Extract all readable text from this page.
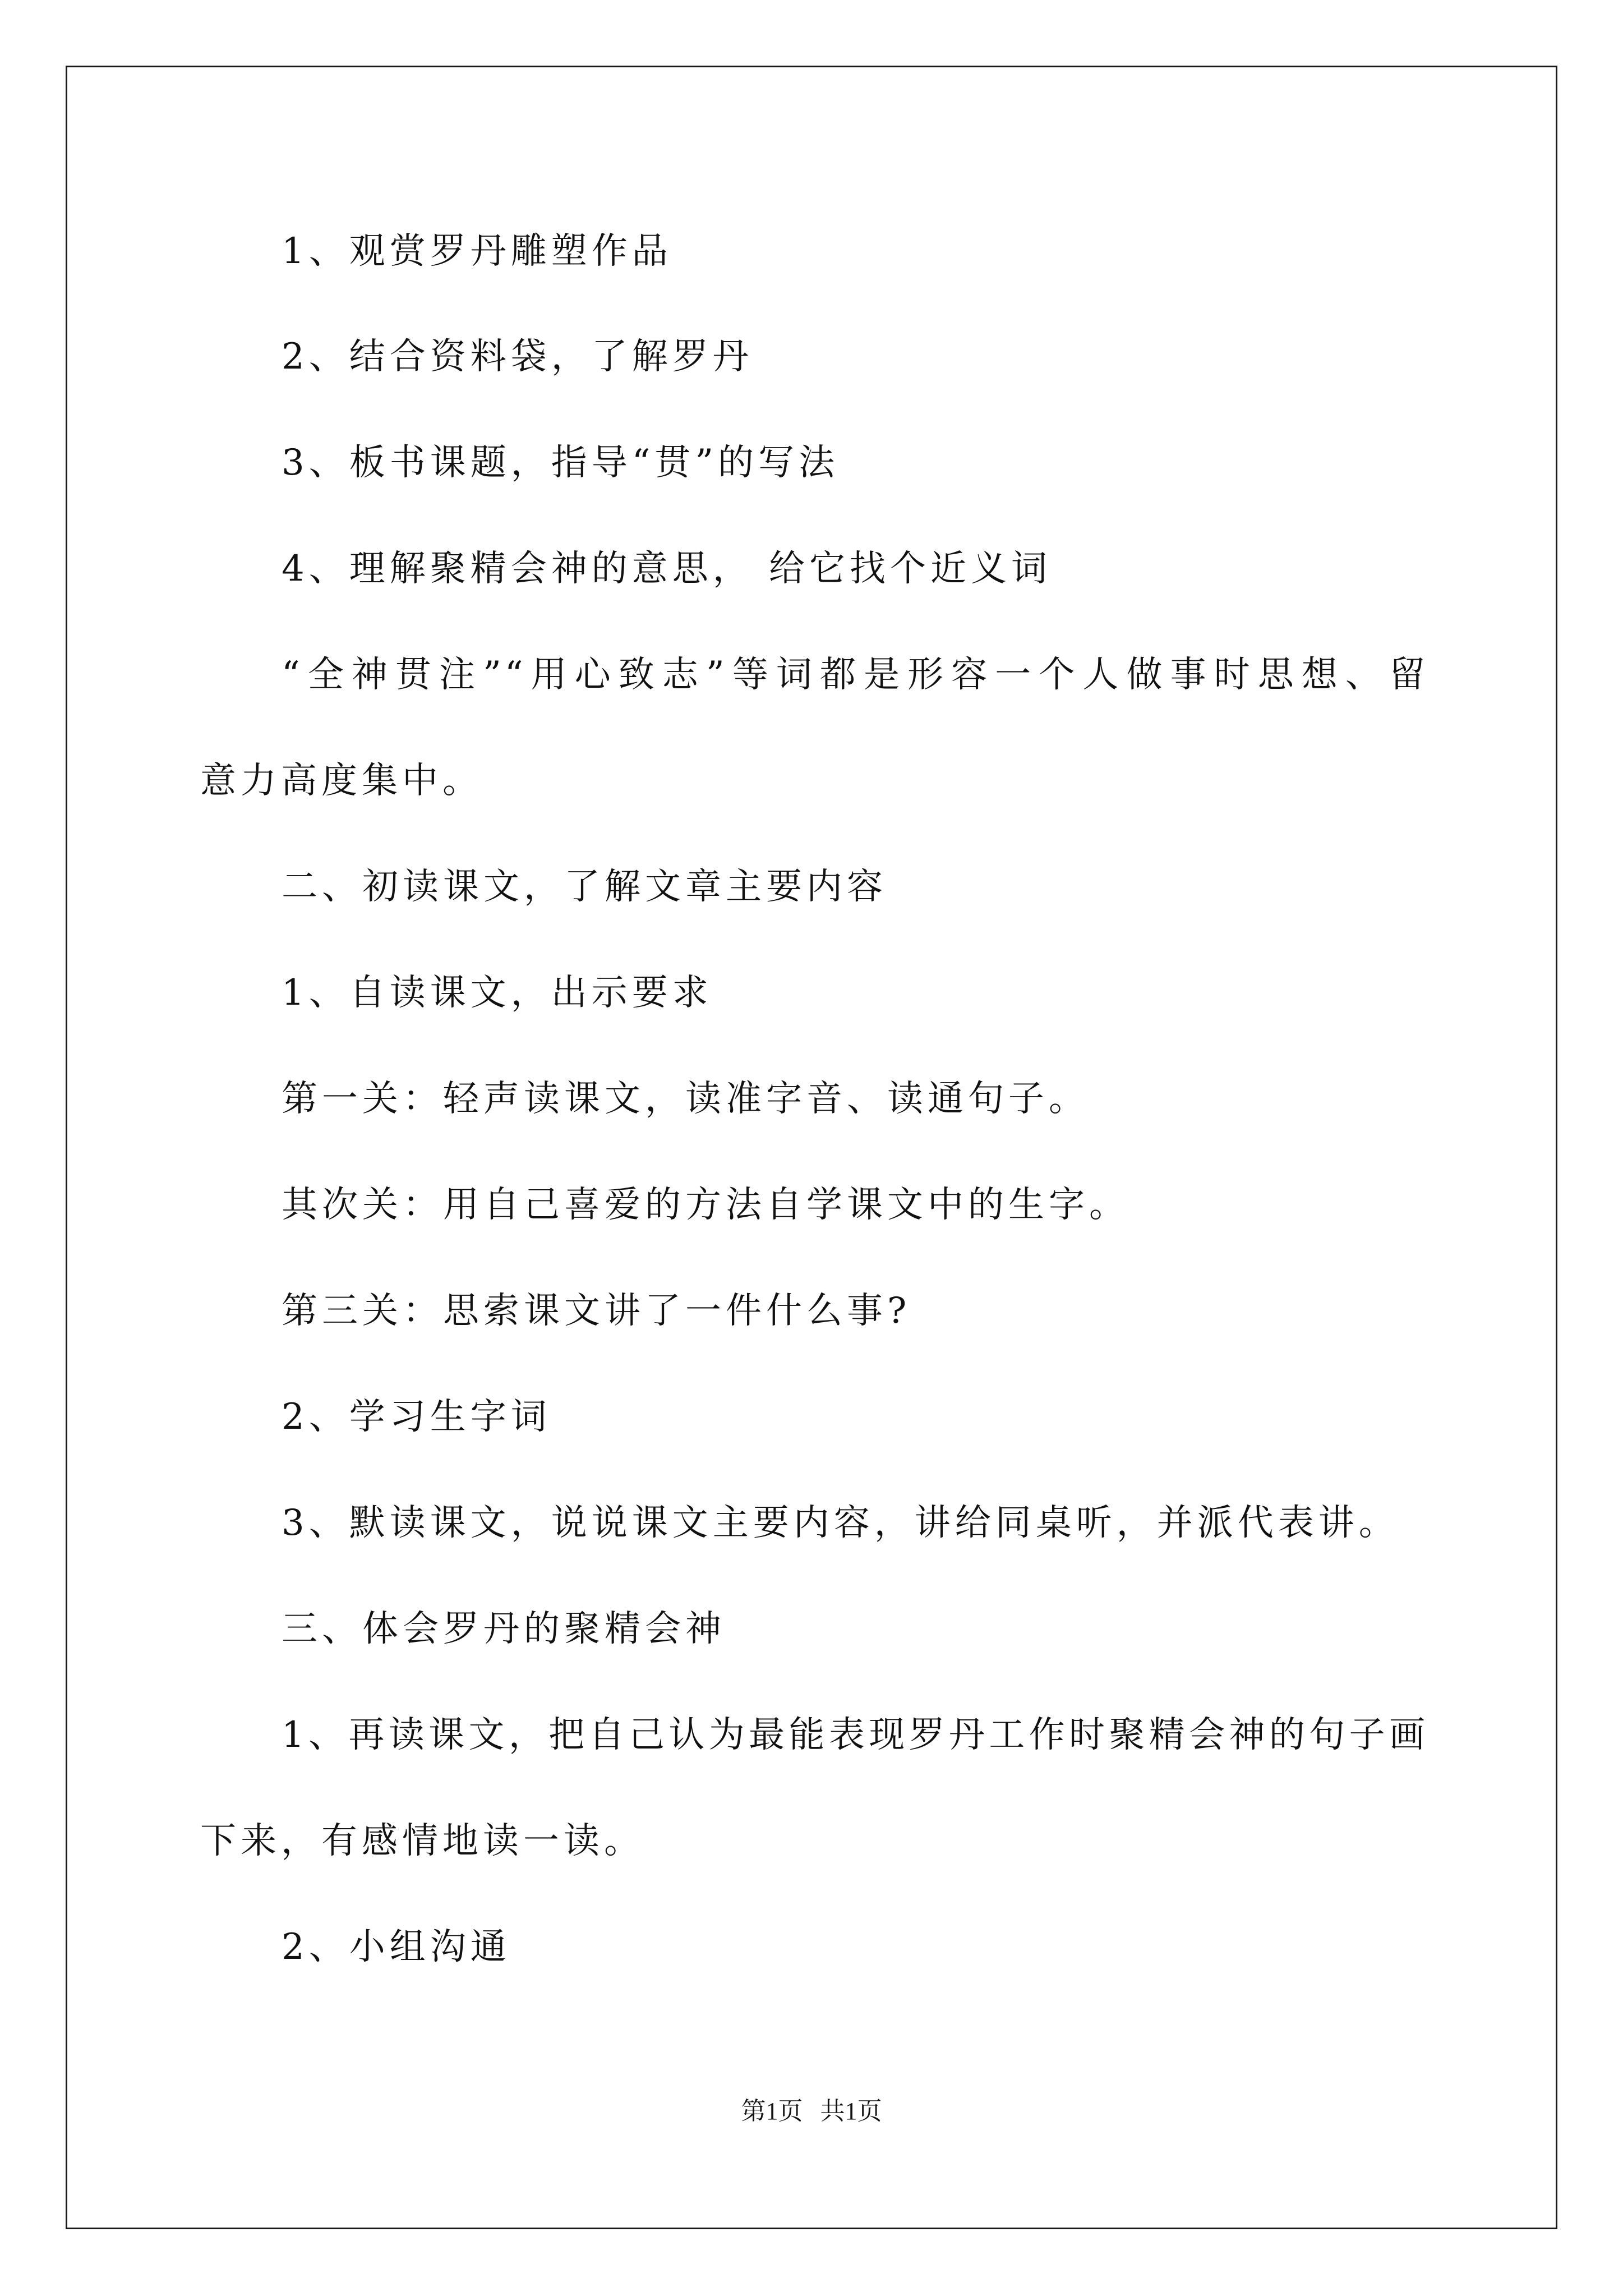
1、观赏罗丹雕塑作品
2、结合资料袋，了解罗丹
3、板书课题，指导“贯”的写法
4、理解聚精会神的意思， 给它找个近义词
“全神贯注”“用心致志”等词都是形容一个人做事时思想、留
意力高度集中。
二、初读课文，了解文章主要内容
1、自读课文，出示要求
第一关：轻声读课文，读准字音、读通句子。
其次关：用自己喜爱的方法自学课文中的生字。
第三关：思索课文讲了一件什么事?
2、学习生字词
3、默读课文，说说课文主要内容，讲给同桌听，并派代表讲。
三、体会罗丹的聚精会神
1、再读课文，把自己认为最能表现罗丹工作时聚精会神的句子画
下来，有感情地读一读。
2、小组沟通
第1页 共1页
